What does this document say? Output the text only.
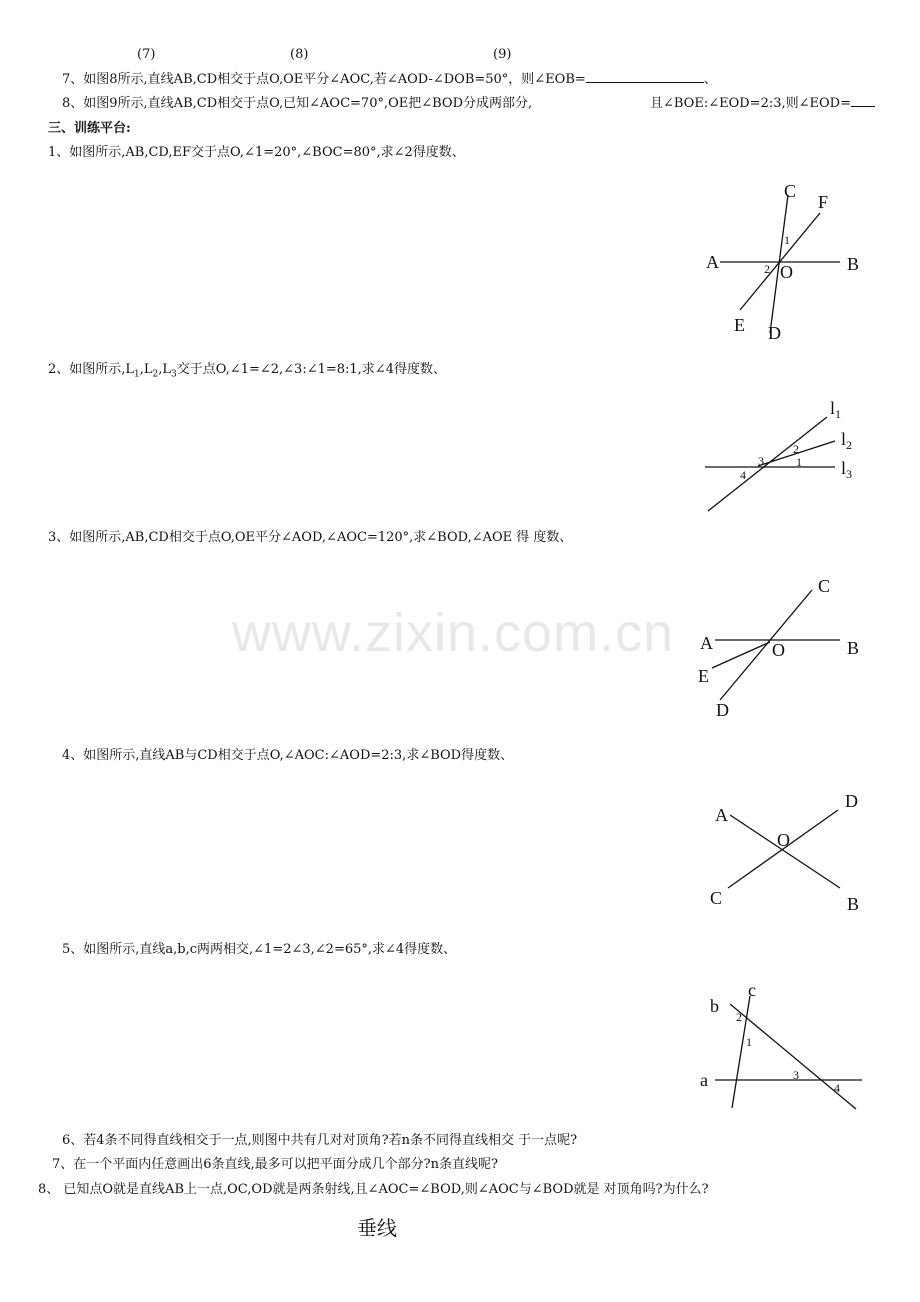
(7)	(8)	(9)
7、如图8所示,直线AB,CD相交于点O,OE平分∠AOC,若∠AOD-∠DOB=50°，则∠EOB=	、
8、如图9所示,直线AB,CD相交于点O,已知∠AOC=70°,OE把∠BOD分成两部分,	且∠BOE:∠EOD=2:3,则∠EOD=
三、训练平台:
1、如图所示,AB,CD,EF交于点O,∠1=20°,∠BOC=80°,求∠2得度数、
2、如图所示$,L_1,L_2,L_3$交于点O,∠1=∠2,∠3:∠1=8:1,求∠4得度数、
3、如图所示,AB,CD相交于点O,OE平分∠AOD,∠AOC=120°,求∠BOD,∠AOE 得 度数、
4、如图所示,直线AB与CD相交于点O,∠AOC:∠AOD=2:3,求∠BOD得度数、
5、如图所示,直线a,b,c两两相交,∠1=2∠3,∠2=65°,求∠4得度数、
6、若4条不同得直线相交于一点,则图中共有几对对顶角?若n条不同得直线相交 于一点呢?
7、在一个平面内任意画出6条直线,最多可以把平面分成几个部分?n条直线呢?
8、 已知点O就是直线AB上一点,OC,OD就是两条射线,且∠AOC=∠BOD,则∠AOC与∠BOD就是 对顶角吗?为什么?
A	B
C
D
E
F
O
1
2
$l_1$
$l_2$
$l_3$
1
2
3
4
A	B
C
D
E
O
A
B
C
D
O
a
b
c
1
2
3
4
www.zixin.com.cn
垂线
